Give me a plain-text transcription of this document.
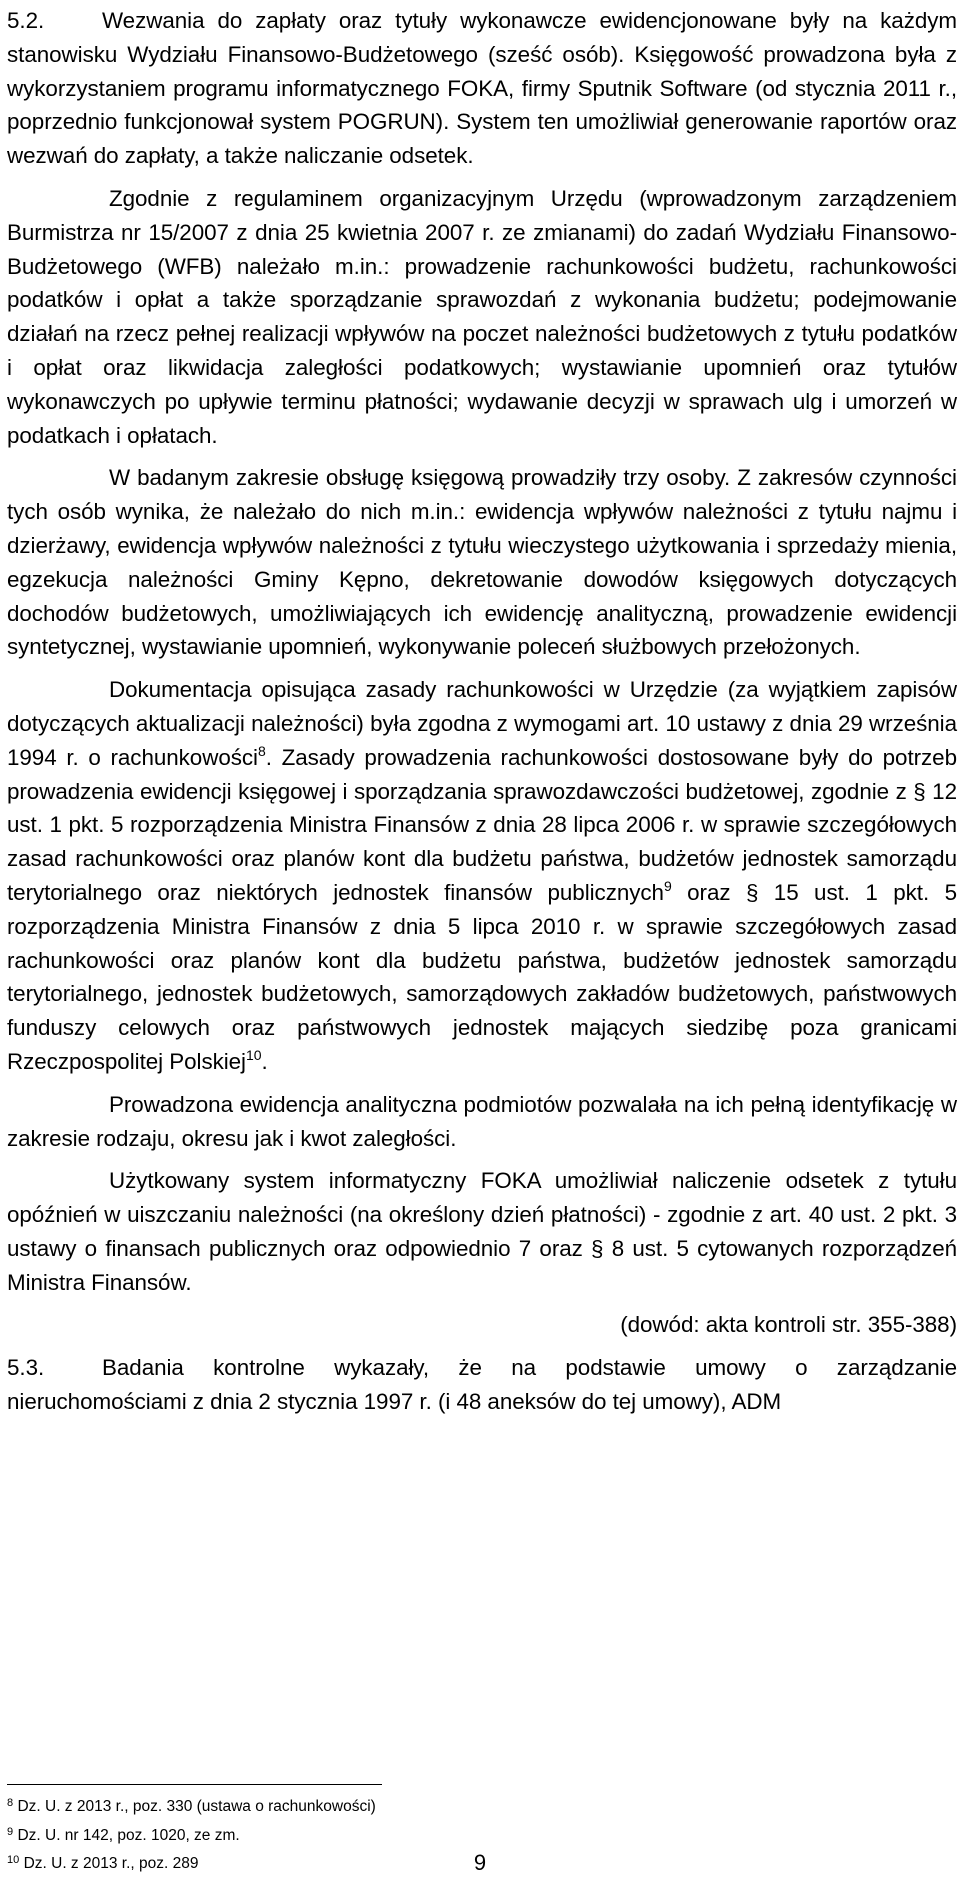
5.2.	Wezwania do zapłaty oraz tytuły wykonawcze ewidencjonowane były na każdym stanowisku Wydziału Finansowo-Budżetowego (sześć osób). Księgowość prowadzona była z wykorzystaniem programu informatycznego FOKA, firmy Sputnik Software (od stycznia 2011 r., poprzednio funkcjonował system POGRUN). System ten umożliwiał generowanie raportów oraz wezwań do zapłaty, a także naliczanie odsetek.

Zgodnie z regulaminem organizacyjnym Urzędu (wprowadzonym zarządzeniem Burmistrza nr 15/2007 z dnia 25 kwietnia 2007 r. ze zmianami) do zadań Wydziału Finansowo-Budżetowego (WFB) należało m.in.: prowadzenie rachunkowości budżetu, rachunkowości podatków i opłat a także sporządzanie sprawozdań z wykonania budżetu; podejmowanie działań na rzecz pełnej realizacji wpływów na poczet należności budżetowych z tytułu podatków i opłat oraz likwidacja zaległości podatkowych; wystawianie upomnień oraz tytułów wykonawczych po upływie terminu płatności; wydawanie decyzji w sprawach ulg i umorzeń w podatkach i opłatach.

W badanym zakresie obsługę księgową prowadziły trzy osoby. Z zakresów czynności tych osób wynika, że należało do nich m.in.: ewidencja wpływów należności z tytułu najmu i dzierżawy, ewidencja wpływów należności z tytułu wieczystego użytkowania i sprzedaży mienia, egzekucja należności Gminy Kępno, dekretowanie dowodów księgowych dotyczących dochodów budżetowych, umożliwiających ich ewidencję analityczną, prowadzenie ewidencji syntetycznej, wystawianie upomnień, wykonywanie poleceń służbowych przełożonych.

Dokumentacja opisująca zasady rachunkowości w Urzędzie (za wyjątkiem zapisów dotyczących aktualizacji należności) była zgodna z wymogami art. 10 ustawy z dnia 29 września 1994 r. o rachunkowości$^8$. Zasady prowadzenia rachunkowości dostosowane były do potrzeb prowadzenia ewidencji księgowej i sporządzania sprawozdawczości budżetowej, zgodnie z § 12 ust. 1 pkt. 5 rozporządzenia Ministra Finansów z dnia 28 lipca 2006 r. w sprawie szczegółowych zasad rachunkowości oraz planów kont dla budżetu państwa, budżetów jednostek samorządu terytorialnego oraz niektórych jednostek finansów publicznych$^9$ oraz § 15 ust. 1 pkt. 5 rozporządzenia Ministra Finansów z dnia 5 lipca 2010 r. w sprawie szczegółowych zasad rachunkowości oraz planów kont dla budżetu państwa, budżetów jednostek samorządu terytorialnego, jednostek budżetowych, samorządowych zakładów budżetowych, państwowych funduszy celowych oraz państwowych jednostek mających siedzibę poza granicami Rzeczpospolitej Polskiej$^{10}$.

Prowadzona ewidencja analityczna podmiotów pozwalała na ich pełną identyfikację w zakresie rodzaju, okresu jak i kwot zaległości.

Użytkowany system informatyczny FOKA umożliwiał naliczenie odsetek z tytułu opóźnień w uiszczaniu należności (na określony dzień płatności) - zgodnie z art. 40 ust. 2 pkt. 3 ustawy o finansach publicznych oraz odpowiednio 7 oraz § 8 ust. 5 cytowanych rozporządzeń Ministra Finansów.

(dowód: akta kontroli str. 355-388)

5.3.	Badania kontrolne wykazały, że na podstawie umowy o zarządzanie nieruchomościami z dnia 2 stycznia 1997 r. (i 48 aneksów do tej umowy), ADM

$^8$ Dz. U. z 2013 r., poz. 330 (ustawa o rachunkowości)
$^9$ Dz. U. nr 142, poz. 1020, ze zm.
$^{10}$ Dz. U. z 2013 r., poz. 289	9
